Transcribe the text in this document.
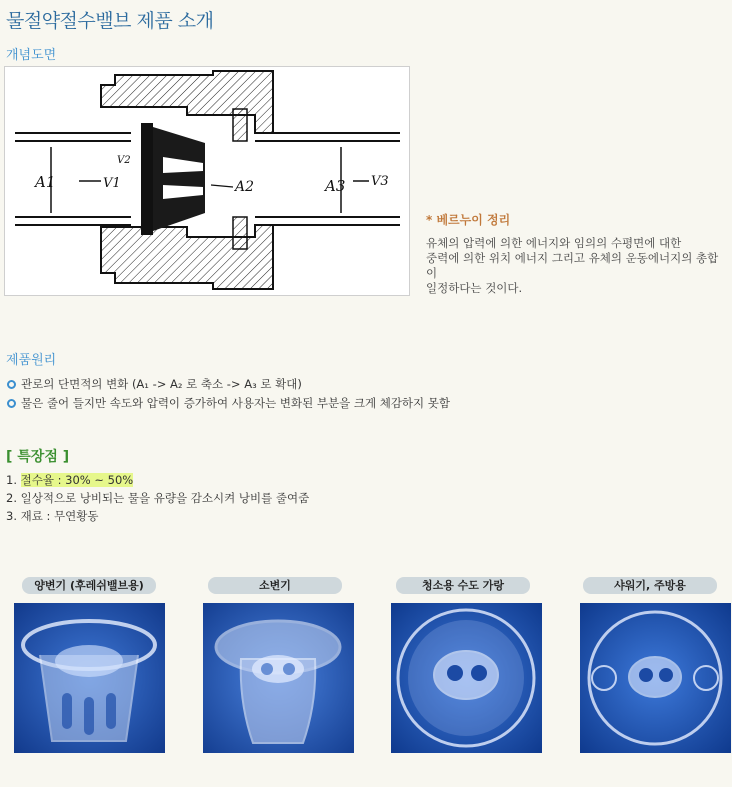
물절약절수밸브 제품 소개
개념도면
A1	V1
V2
A2	A3 V3
* 베르누이 정리
유체의 압력에 의한 에너지와 임의의 수평면에 대한
중력에 의한 위치 에너지 그리고 유체의 운동에너지의 총합이
일정하다는 것이다.
제품원리
관로의 단면적의 변화 (A₁ -> A₂ 로 축소 -> A₃ 로 확대)
물은 줄어 들지만 속도와 압력이 증가하여 사용자는 변화된 부분을 크게 체감하지 못함
[ 특장점 ]
1. 절수율 : 30% ~ 50%
2. 일상적으로 낭비되는 물을 유량을 감소시켜 낭비를 줄여줌
3. 재료 : 무연황동
양변기 (후레쉬밸브용)	소변기	청소용 수도 가랑	샤워기, 주방용
